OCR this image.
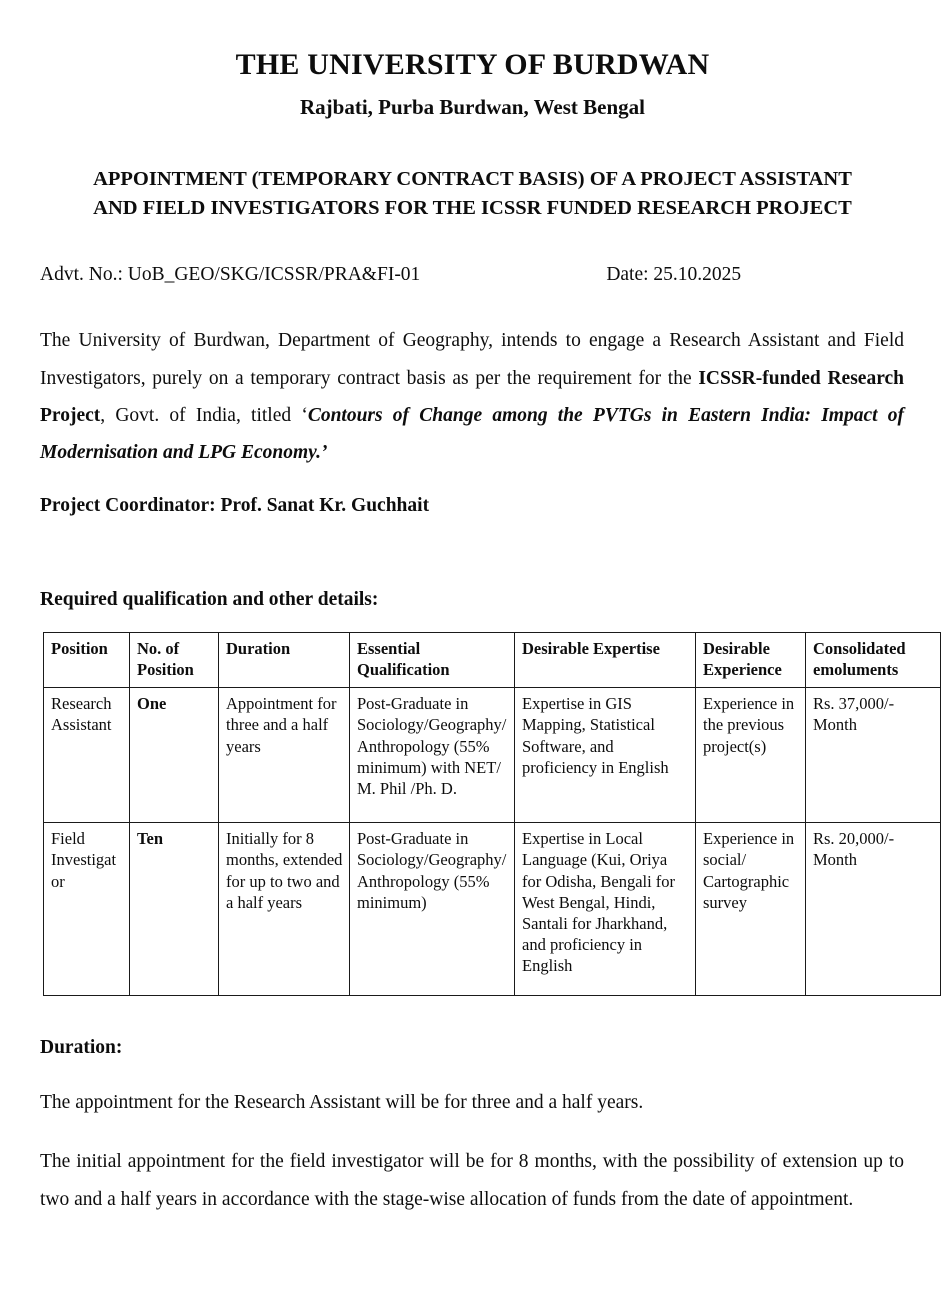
THE UNIVERSITY OF BURDWAN
Rajbati, Purba Burdwan, West Bengal
APPOINTMENT (TEMPORARY CONTRACT BASIS) OF A PROJECT ASSISTANT
AND FIELD INVESTIGATORS FOR THE ICSSR FUNDED RESEARCH PROJECT
Advt. No.: UoB_GEO/SKG/ICSSR/PRA&FI-01	Date: 25.10.2025

The University of Burdwan, Department of Geography, intends to engage a Research Assistant and Field Investigators, purely on a temporary contract basis as per the requirement for the ICSSR-funded Research Project, Govt. of India, titled ‘Contours of Change among the PVTGs in Eastern India: Impact of Modernisation and LPG Economy.’

Project Coordinator: Prof. Sanat Kr. Guchhait

Required qualification and other details:

Position	No. of Position	Duration	Essential Qualification	Desirable Expertise	Desirable Experience	Consolidated emoluments
Research Assistant	One	Appointment for three and a half years	Post-Graduate in Sociology/Geography/Anthropology (55% minimum) with NET/ M. Phil /Ph. D.	Expertise in GIS Mapping, Statistical Software, and proficiency in English	Experience in the previous project(s)	Rs. 37,000/- Month
Field Investigator	Ten	Initially for 8 months, extended for up to two and a half years	Post-Graduate in Sociology/Geography/Anthropology (55% minimum)	Expertise in Local Language (Kui, Oriya for Odisha, Bengali for West Bengal, Hindi, Santali for Jharkhand, and proficiency in English	Experience in social/ Cartographic survey	Rs. 20,000/- Month

Duration:

The appointment for the Research Assistant will be for three and a half years.

The initial appointment for the field investigator will be for 8 months, with the possibility of extension up to two and a half years in accordance with the stage-wise allocation of funds from the date of appointment.
